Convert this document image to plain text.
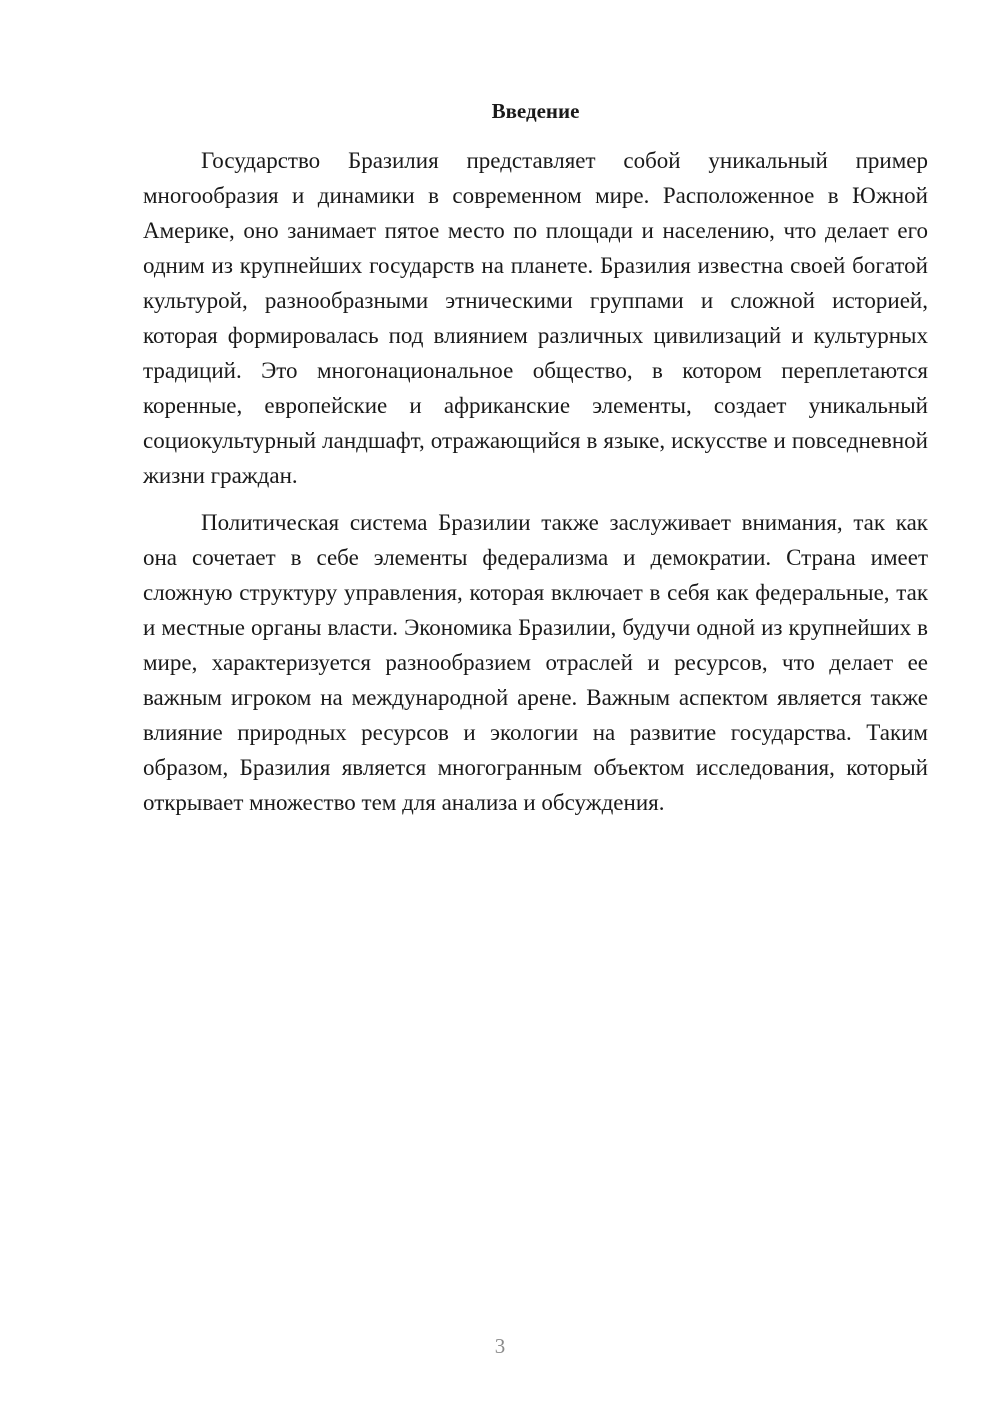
Введение

Государство Бразилия представляет собой уникальный пример многообразия и динамики в современном мире. Расположенное в Южной Америке, оно занимает пятое место по площади и населению, что делает его одним из крупнейших государств на планете. Бразилия известна своей богатой культурой, разнообразными этническими группами и сложной историей, которая формировалась под влиянием различных цивилизаций и культурных традиций. Это многонациональное общество, в котором переплетаются коренные, европейские и африканские элементы, создает уникальный социокультурный ландшафт, отражающийся в языке, искусстве и повседневной жизни граждан.

Политическая система Бразилии также заслуживает внимания, так как она сочетает в себе элементы федерализма и демократии. Страна имеет сложную структуру управления, которая включает в себя как федеральные, так и местные органы власти. Экономика Бразилии, будучи одной из крупнейших в мире, характеризуется разнообразием отраслей и ресурсов, что делает ее важным игроком на международной арене. Важным аспектом является также влияние природных ресурсов и экологии на развитие государства. Таким образом, Бразилия является многогранным объектом исследования, который открывает множество тем для анализа и обсуждения.

3
